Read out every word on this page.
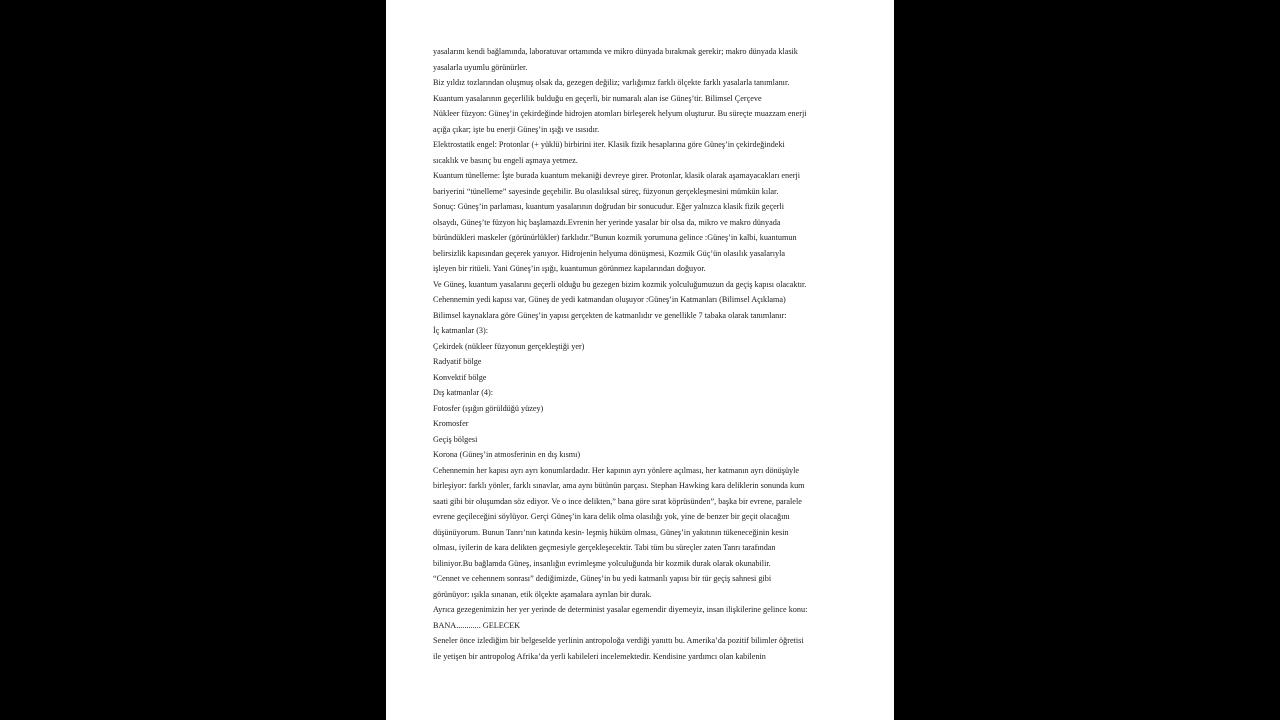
yasalarını kendi bağlamında, laboratuvar ortamında ve mikro dünyada bırakmak gerekir; makro dünyada klasik
yasalarla uyumlu görünürler.
Biz yıldız tozlarından oluşmuş olsak da, gezegen değiliz; varlığımız farklı ölçekte farklı yasalarla tanımlanır.
Kuantum yasalarının geçerlilik bulduğu en geçerli, bir numaralı alan ise Güneş’tir. Bilimsel Çerçeve
Nükleer füzyon: Güneş’in çekirdeğinde hidrojen atomları birleşerek helyum oluşturur. Bu süreçte muazzam enerji
açığa çıkar; işte bu enerji Güneş’in ışığı ve ısısıdır.
Elektrostatik engel: Protonlar (+ yüklü) birbirini iter. Klasik fizik hesaplarına göre Güneş’in çekirdeğindeki
sıcaklık ve basınç bu engeli aşmaya yetmez.
Kuantum tünelleme: İşte burada kuantum mekaniği devreye girer. Protonlar, klasik olarak aşamayacakları enerji
bariyerini “tünelleme” sayesinde geçebilir. Bu olasılıksal süreç, füzyonun gerçekleşmesini mümkün kılar.
Sonuç: Güneş’in parlaması, kuantum yasalarının doğrudan bir sonucudur. Eğer yalnızca klasik fizik geçerli
olsaydı, Güneş’te füzyon hiç başlamazdı.Evrenin her yerinde yasalar bir olsa da, mikro ve makro dünyada
büründükleri maskeler (görünürlükler) farklıdır.”Bunun kozmik yorumuna gelince :Güneş’in kalbi, kuantumun
belirsizlik kapısından geçerek yanıyor. Hidrojenin helyuma dönüşmesi, Kozmik Güç’ün olasılık yasalarıyla
işleyen bir ritüeli. Yani Güneş’in ışığı, kuantumun görünmez kapılarından doğuyor.
Ve Güneş, kuantum yasalarını geçerli olduğu bu gezegen bizim kozmik yolculuğumuzun da geçiş kapısı olacaktır.
Cehennemin yedi kapısı var, Güneş de yedi katmandan oluşuyor :Güneş’in Katmanları (Bilimsel Açıklama)
Bilimsel kaynaklara göre Güneş’in yapısı gerçekten de katmanlıdır ve genellikle 7 tabaka olarak tanımlanır:
İç katmanlar (3):
Çekirdek (nükleer füzyonun gerçekleştiği yer)
Radyatif bölge
Konvektif bölge
Dış katmanlar (4):
Fotosfer (ışığın görüldüğü yüzey)
Kromosfer
Geçiş bölgesi
Korona (Güneş’in atmosferinin en dış kısmı)
Cehennemin her kapısı ayrı ayrı konumlardadır. Her kapının ayrı yönlere açılması, her katmanın ayrı dönüşüyle
birleşiyor: farklı yönler, farklı sınavlar, ama aynı bütünün parçası. Stephan Hawking kara deliklerin sonunda kum
saati gibi bir oluşumdan söz ediyor. Ve o ince delikten,” bana göre sırat köprüsünden”, başka bir evrene, paralele
evrene geçileceğini söylüyor. Gerçi Güneş’in kara delik olma olasılığı yok, yine de benzer bir geçit olacağını
düşünüyorum. Bunun Tanrı’nın katında kesin- leşmiş hüküm olması, Güneş’in yakıtının tükeneceğinin kesin
olması, iyilerin de kara delikten geçmesiyle gerçekleşecektir. Tabi tüm bu süreçler zaten Tanrı tarafından
biliniyor.Bu bağlamda Güneş, insanlığın evrimleşme yolculuğunda bir kozmik durak olarak okunabilir.
“Cennet ve cehennem sonrası” dediğimizde, Güneş’in bu yedi katmanlı yapısı bir tür geçiş sahnesi gibi
görünüyor: ışıkla sınanan, etik ölçekte aşamalara ayrılan bir durak.
Ayrıca gezegenimizin her yer yerinde de determinist yasalar egemendir diyemeyiz, insan ilişkilerine gelince konu:
BANA............ GELECEK
Seneler önce izlediğim bir belgeselde yerlinin antropoloğa verdiği yanıttı bu. Amerika’da pozitif bilimler öğretisi
ile yetişen bir antropolog Afrika’da yerli kabileleri incelemektedir. Kendisine yardımcı olan kabilenin
